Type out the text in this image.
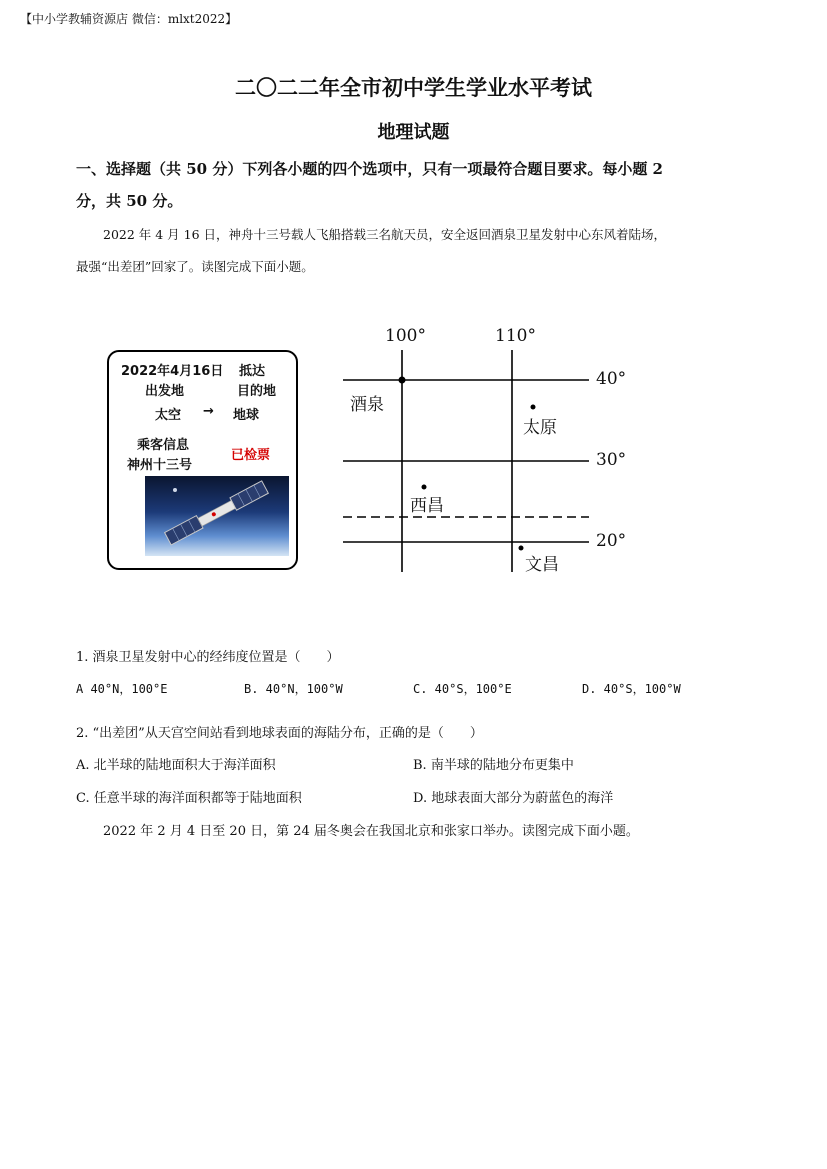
【中小学教辅资源店 微信：mlxt2022】
二〇二二年全市初中学生学业水平考试
地理试题
一、选择题（共 50 分）下列各小题的四个选项中，只有一项最符合题目要求。每小题 2
分，共 50 分。
2022 年 4 月 16 日，神舟十三号载人飞船搭载三名航天员，安全返回酒泉卫星发射中心东风着陆场，
最强“出差团”回家了。读图完成下面小题。
2022年4月16日 抵达
出发地	目的地
太空 → 地球
乘客信息
神州十三号
已检票
100°	110°
40°
30°
20°
酒泉
太原
西昌
文昌
1. 酒泉卫星发射中心的经纬度位置是（　　）
A 40°N，100°E	B. 40°N，100°W	C. 40°S，100°E	D. 40°S，100°W
2. “出差团”从天宫空间站看到地球表面的海陆分布，正确的是（　　）
A. 北半球的陆地面积大于海洋面积	B. 南半球的陆地分布更集中
C. 任意半球的海洋面积都等于陆地面积	D. 地球表面大部分为蔚蓝色的海洋
2022 年 2 月 4 日至 20 日，第 24 届冬奥会在我国北京和张家口举办。读图完成下面小题。
